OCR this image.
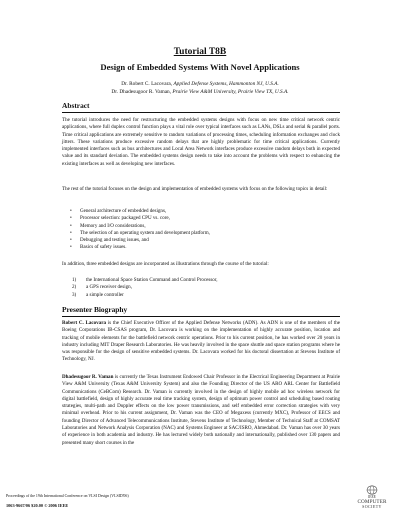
Tutorial T8B
Design of Embedded Systems With Novel Applications
Dr. Robert C. Lacovara, Applied Defense Systems, Hammonton NJ, U.S.A.
Dr. Dhadesugoor R. Vaman, Prairie View A&M University, Prairie View TX, U.S.A.
Abstract

The tutorial introduces the need for restructuring the embedded systems designs with focus on new time critical network centric applications, where full duplex control function plays a vital role over typical interfaces such as LANs, DSLs and serial & parallel ports. Time critical applications are extremely sensitive to random variations of processing times, scheduling information exchanges and clock jitters. These variations produce excessive random delays that are highly problematic for time critical applications. Currently implemented interfaces such as bus architectures and Local Area Network interfaces produce excessive random delays both in expected value and its standard deviation. The embedded systems design needs to take into account the problems with respect to enhancing the existing interfaces as well as developing new interfaces.

The rest of the tutorial focuses on the design and implementation of embedded systems with focus on the following topics in detail:

• General architecture of embedded designs,
• Processor selection: packaged CPU vs. core,
• Memory and I/O considerations,
• The selection of an operating system and development platform,
• Debugging and testing issues, and
• Basics of safety issues.

In addition, three embedded designs are incorporated as illustrations through the course of the tutorial:

1) the International Space Station Command and Control Processor,
2) a GPS receiver design,
3) a simple controller
Presenter Biography

Robert C. Lacovara is the Chief Executive Officer of the Applied Defense Networks (ADN). As ADN is one of the members of the Boeing Corporations IB-CSAS program, Dr. Lacovara is working on the implementation of highly accurate position, location and tracking of mobile elements for the battlefield network centric operations. Prior to his current position, he has worked over 20 years in industry including MIT Draper Research Laboratories. He was heavily involved in the space shuttle and space station programs where he was responsible for the design of sensitive embedded systems. Dr. Lacovara worked for his doctoral dissertation at Stevens Institute of Technology, NJ.

Dhadesugoor R. Vaman is currently the Texas Instrument Endowed Chair Professor in the Electrical Engineering Department at Prairie View A&M University (Texas A&M University System) and also the Founding Director of the US ARO ARL Center for Battlefield Communications (CeBCom) Research. Dr. Vaman is currently involved in the design of highly mobile ad hoc wireless network for digital battlefield, design of highly accurate real time tracking system, design of optimum power control and scheduling based routing strategies, multi-path and Doppler effects on the low power transmissions, and self embedded error correction strategies with very minimal overhead. Prior to his current assignment, Dr. Vaman was the CEO of Megaxess (currently MXC), Professor of EECS and founding Director of Advanced Telecommunications Institute, Stevens Institute of Technology, Member of Technical Staff at COMSAT Laboratories and Network Analysis Corporation (NAC) and Systems Engineer at SAC/ISRO, Ahmedabad. Dr. Vaman has over 30 years of experience in both academia and industry. He has lectured widely both nationally and internationally, published over 130 papers and presented many short courses in the

Proceedings of the 19th International Conference on VLSI Design (VLSID'06)
1063-9667/06 $20.00 © 2006 IEEE
IEEE
COMPUTER
SOCIETY
